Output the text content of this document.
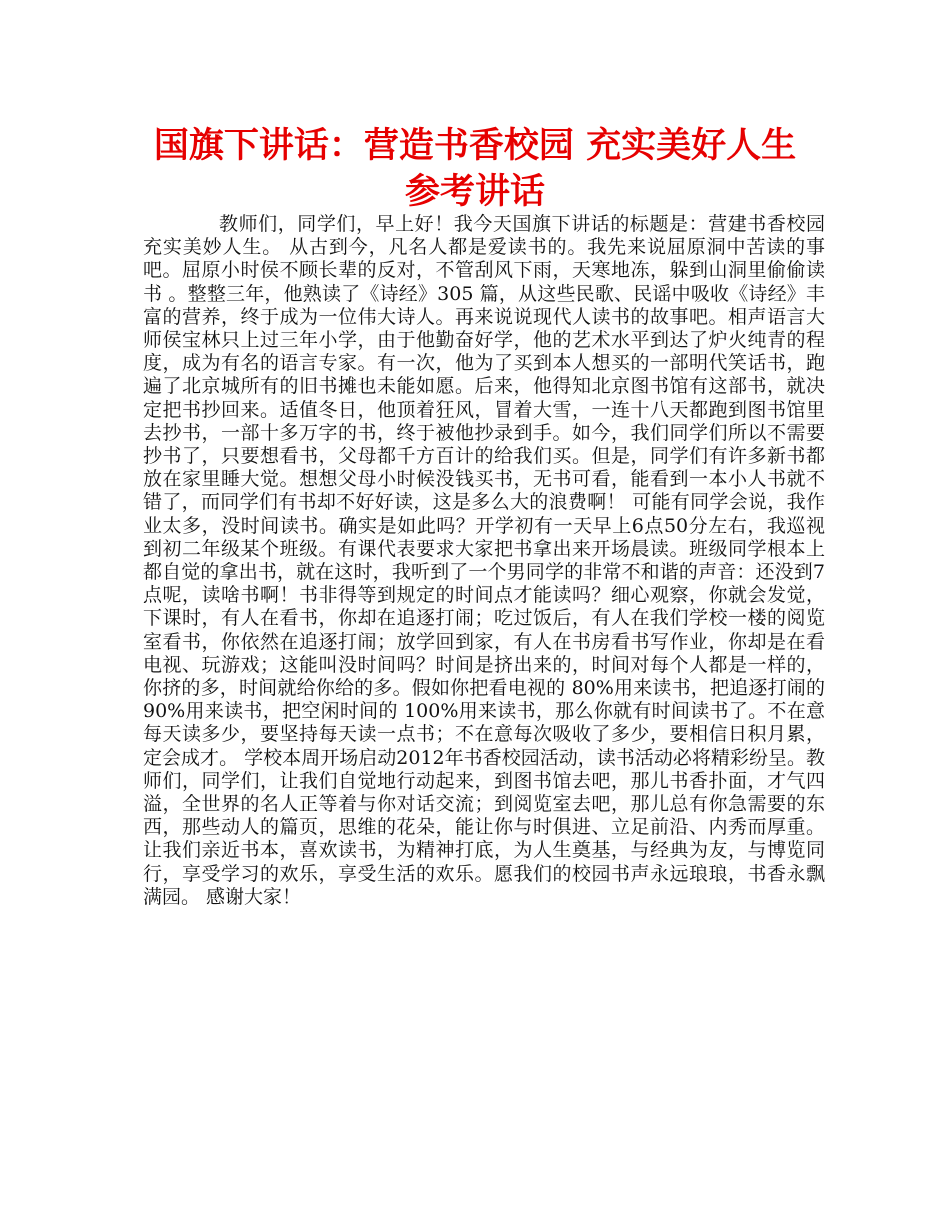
国旗下讲话：营造书香校园 充实美好人生
参考讲话

教师们，同学们，早上好！我今天国旗下讲话的标题是：营建书香校园 充实美妙人生。 从古到今，凡名人都是爱读书的。我先来说屈原洞中苦读的事吧。屈原小时侯不顾长辈的反对，不管刮风下雨，天寒地冻，躲到山洞里偷偷读书 。整整三年，他熟读了《诗经》305 篇，从这些民歌、民谣中吸收《诗经》丰富的营养，终于成为一位伟大诗人。再来说说现代人读书的故事吧。相声语言大师侯宝林只上过三年小学，由于他勤奋好学，他的艺术水平到达了炉火纯青的程度，成为有名的语言专家。有一次，他为了买到本人想买的一部明代笑话书，跑遍了北京城所有的旧书摊也未能如愿。后来，他得知北京图书馆有这部书，就决定把书抄回来。适值冬日，他顶着狂风，冒着大雪，一连十八天都跑到图书馆里去抄书，一部十多万字的书，终于被他抄录到手。如今，我们同学们所以不需要抄书了，只要想看书，父母都千方百计的给我们买。但是，同学们有许多新书都放在家里睡大觉。想想父母小时候没钱买书，无书可看，能看到一本小人书就不错了，而同学们有书却不好好读，这是多么大的浪费啊！ 可能有同学会说，我作业太多，没时间读书。确实是如此吗？开学初有一天早上6点50分左右，我巡视到初二年级某个班级。有课代表要求大家把书拿出来开场晨读。班级同学根本上都自觉的拿出书，就在这时，我听到了一个男同学的非常不和谐的声音：还没到7点呢，读啥书啊！书非得等到规定的时间点才能读吗？细心观察，你就会发觉，下课时，有人在看书，你却在追逐打闹；吃过饭后，有人在我们学校一楼的阅览室看书，你依然在追逐打闹；放学回到家，有人在书房看书写作业，你却是在看电视、玩游戏；这能叫没时间吗？时间是挤出来的，时间对每个人都是一样的，你挤的多，时间就给你给的多。假如你把看电视的 80%用来读书，把追逐打闹的 90%用来读书，把空闲时间的 100%用来读书，那么你就有时间读书了。不在意每天读多少，要坚持每天读一点书；不在意每次吸收了多少，要相信日积月累，定会成才。 学校本周开场启动2012年书香校园活动，读书活动必将精彩纷呈。教师们，同学们，让我们自觉地行动起来，到图书馆去吧，那儿书香扑面，才气四溢，全世界的名人正等着与你对话交流；到阅览室去吧，那儿总有你急需要的东西，那些动人的篇页，思维的花朵，能让你与时俱进、立足前沿、内秀而厚重。让我们亲近书本，喜欢读书，为精神打底，为人生奠基，与经典为友，与博览同行，享受学习的欢乐，享受生活的欢乐。愿我们的校园书声永远琅琅，书香永飘满园。 感谢大家！
